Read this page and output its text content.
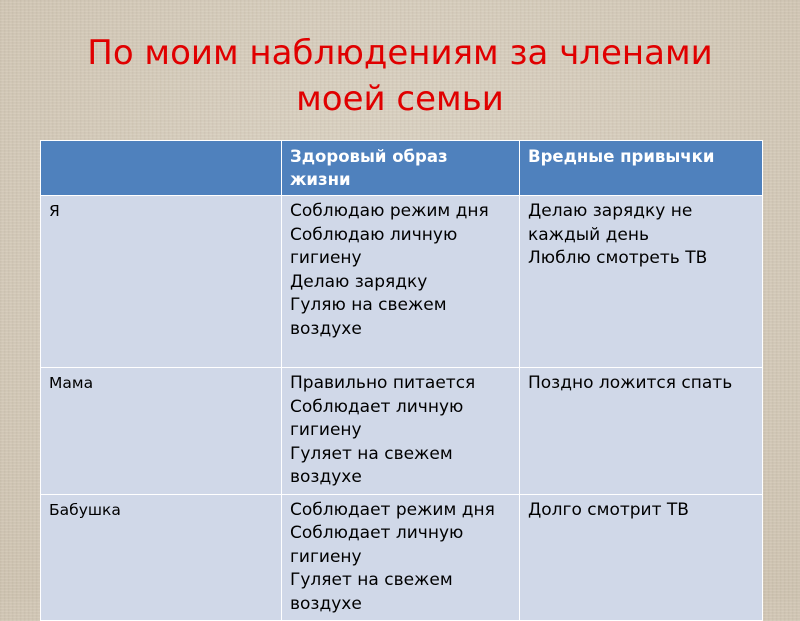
По моим наблюдениям за членами
моей семьи
	Здоровый образ жизни	Вредные привычки
Я	Соблюдаю режим дня
Соблюдаю личную гигиену
Делаю зарядку
Гуляю на свежем воздухе	Делаю зарядку не каждый день
Люблю смотреть ТВ

Мама	Правильно питается
Соблюдает личную гигиену
Гуляет на свежем воздухе	Поздно ложится спать

Бабушка	Соблюдает режим дня
Соблюдает личную гигиену
Гуляет на свежем воздухе	Долго смотрит ТВ
